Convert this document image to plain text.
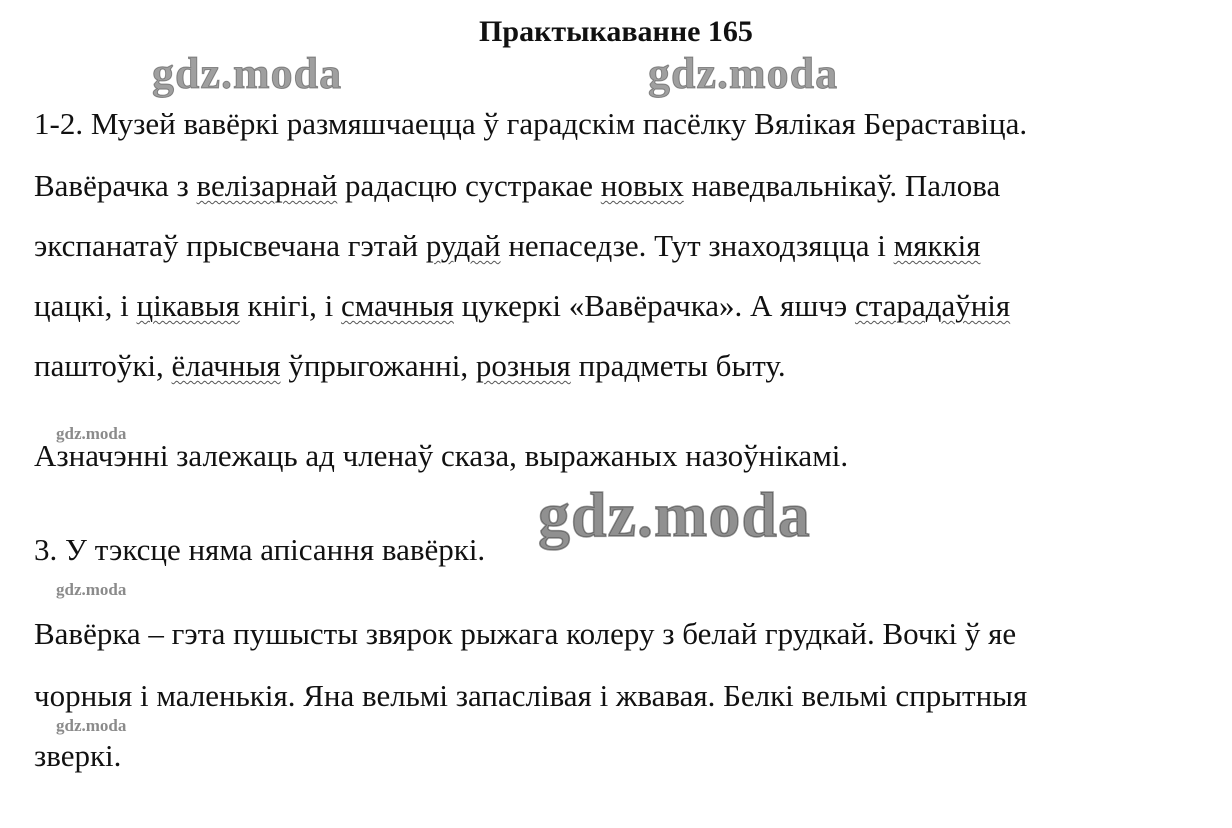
Практыкаванне 165
gdz.moda	gdz.moda
gdz.moda
gdz.moda
gdz.moda
gdz.moda
1-2. Музей вавёркі размяшчаецца ў гарадскім пасёлку Вялікая Бераставіца.
Вавёрачка з велізарнай радасцю сустракае новых наведвальнікаў. Палова
экспанатаў прысвечана гэтай рудай непаседзе. Тут знаходзяцца і мяккія
цацкі, і цікавыя кнігі, і смачныя цукеркі «Вавёрачка». А яшчэ старадаўнія
паштоўкі, ёлачныя ўпрыгожанні, розныя прадметы быту.
Азначэнні залежаць ад членаў сказа, выражаных назоўнікамі.
3. У тэксце няма апісання вавёркі.
Вавёрка – гэта пушысты звярок рыжага колеру з белай грудкай. Вочкі ў яе
чорныя і маленькія. Яна вельмі запаслівая і жвавая. Белкі вельмі спрытныя
зверкі.
